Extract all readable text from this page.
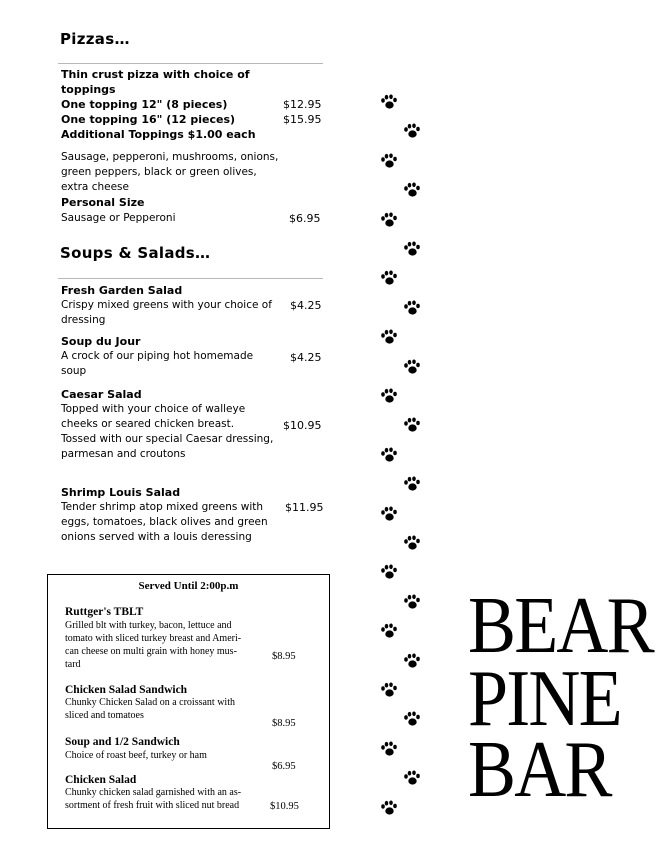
Pizzas…
Thin crust pizza with choice of
toppings
One topping 12" (8 pieces)	$12.95
One topping 16" (12 pieces)	$15.95
Additional Toppings $1.00 each
Sausage, pepperoni, mushrooms, onions,
green peppers, black or green olives,
extra cheese
Personal Size
Sausage or Pepperoni	$6.95
Soups & Salads…
Fresh Garden Salad
Crispy mixed greens with your choice of
dressing
$4.25
Soup du Jour
A crock of our piping hot homemade
soup
$4.25
Caesar Salad
Topped with your choice of walleye
cheeks or seared chicken breast.
Tossed with our special Caesar dressing,
parmesan and croutons
$10.95
Shrimp Louis Salad
Tender shrimp atop mixed greens with
eggs, tomatoes, black olives and green
onions served with a louis deressing
$11.95
Served Until 2:00p.m
Ruttger's TBLT
Grilled blt with turkey, bacon, lettuce and
tomato with sliced turkey breast and Ameri-
can cheese on multi grain with honey mus-
tard
$8.95
Chicken Salad Sandwich
Chunky Chicken Salad on a croissant with
sliced and tomatoes
$8.95
Soup and 1/2 Sandwich
Choice of roast beef, turkey or ham
$6.95
Chicken Salad
Chunky chicken salad garnished with an as-
sortment of fresh fruit with sliced nut bread	$10.95
BEAR
PINE
BAR
